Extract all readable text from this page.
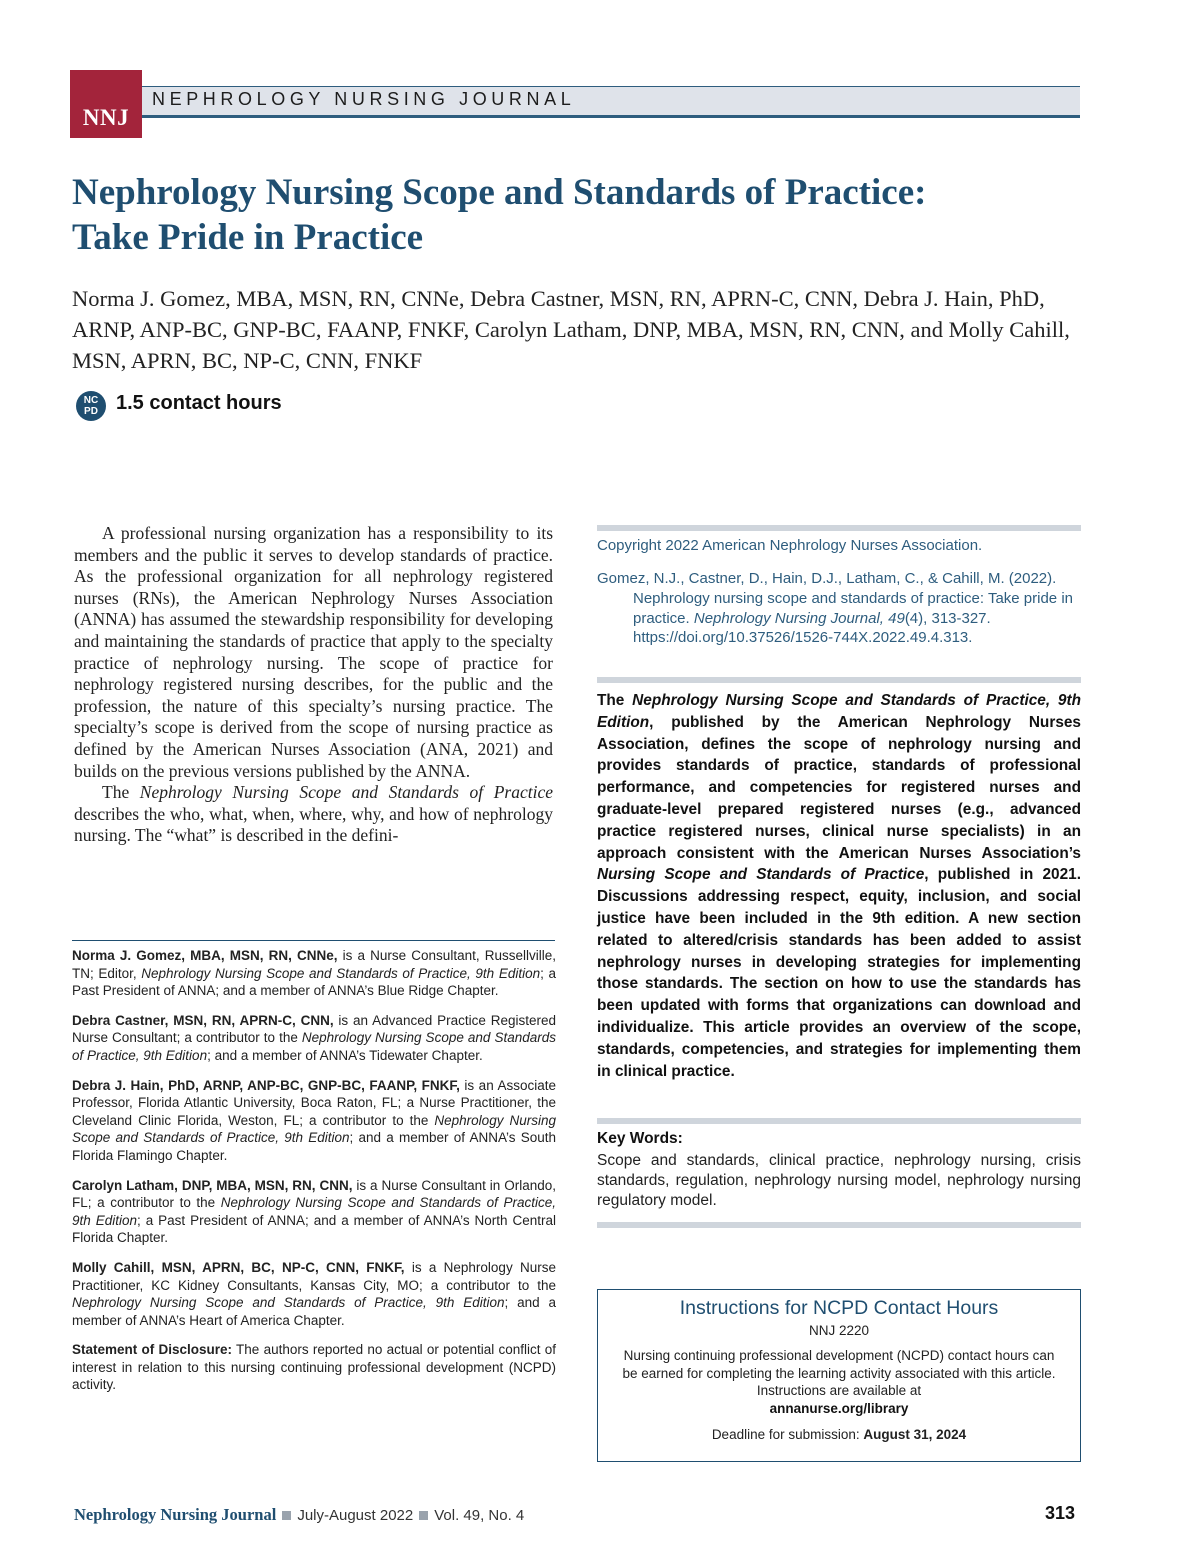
NNJ
NEPHROLOGY NURSING JOURNAL
Nephrology Nursing Scope and Standards of Practice:
Take Pride in Practice

Norma J. Gomez, MBA, MSN, RN, CNNe, Debra Castner, MSN, RN, APRN-C, CNN, Debra J. Hain, PhD, ARNP, ANP-BC, GNP-BC, FAANP, FNKF, Carolyn Latham, DNP, MBA, MSN, RN, CNN, and Molly Cahill, MSN, APRN, BC, NP-C, CNN, FNKF

NC
PD 1.5 contact hours

A professional nursing organization has a responsibility to its members and the public it serves to develop standards of practice. As the professional organization for all nephrology registered nurses (RNs), the American Nephrology Nurses Association (ANNA) has assumed the stewardship responsibility for developing and maintaining the standards of practice that apply to the specialty practice of nephrology nursing. The scope of practice for nephrology registered nursing describes, for the public and the profession, the nature of this specialty’s nursing practice. The specialty’s scope is derived from the scope of nursing practice as defined by the American Nurses Association (ANA, 2021) and builds on the previous versions published by the ANNA.

The Nephrology Nursing Scope and Standards of Practice describes the who, what, when, where, why, and how of nephrology nursing. The “what” is described in the defini-

Norma J. Gomez, MBA, MSN, RN, CNNe, is a Nurse Consultant, Russellville, TN; Editor, Nephrology Nursing Scope and Standards of Practice, 9th Edition; a Past President of ANNA; and a member of ANNA’s Blue Ridge Chapter.

Debra Castner, MSN, RN, APRN-C, CNN, is an Advanced Practice Registered Nurse Consultant; a contributor to the Nephrology Nursing Scope and Standards of Practice, 9th Edition; and a member of ANNA’s Tidewater Chapter.

Debra J. Hain, PhD, ARNP, ANP-BC, GNP-BC, FAANP, FNKF, is an Associate Professor, Florida Atlantic University, Boca Raton, FL; a Nurse Practitioner, the Cleveland Clinic Florida, Weston, FL; a contributor to the Nephrology Nursing Scope and Standards of Practice, 9th Edition; and a member of ANNA’s South Florida Flamingo Chapter.

Carolyn Latham, DNP, MBA, MSN, RN, CNN, is a Nurse Consultant in Orlando, FL; a contributor to the Nephrology Nursing Scope and Standards of Practice, 9th Edition; a Past President of ANNA; and a member of ANNA’s North Central Florida Chapter.

Molly Cahill, MSN, APRN, BC, NP-C, CNN, FNKF, is a Nephrology Nurse Practitioner, KC Kidney Consultants, Kansas City, MO; a contributor to the Nephrology Nursing Scope and Standards of Practice, 9th Edition; and a member of ANNA’s Heart of America Chapter.

Statement of Disclosure: The authors reported no actual or potential conflict of interest in relation to this nursing continuing professional development (NCPD) activity.

Copyright 2022 American Nephrology Nurses Association.

Gomez, N.J., Castner, D., Hain, D.J., Latham, C., & Cahill, M. (2022). Nephrology nursing scope and standards of practice: Take pride in practice. Nephrology Nursing Journal, 49(4), 313-327. https://doi.org/10.37526/1526-744X.2022.49.4.313.

The Nephrology Nursing Scope and Standards of Practice, 9th Edition, published by the American Nephrology Nurses Association, defines the scope of nephrology nursing and provides standards of practice, standards of professional performance, and competencies for registered nurses and graduate-level prepared registered nurses (e.g., advanced practice registered nurses, clinical nurse specialists) in an approach consistent with the American Nurses Association’s Nursing Scope and Standards of Practice, published in 2021. Discussions addressing respect, equity, inclusion, and social justice have been included in the 9th edition. A new section related to altered/crisis standards has been added to assist nephrology nurses in developing strategies for implementing those standards. The section on how to use the standards has been updated with forms that organizations can download and individualize. This article provides an overview of the scope, standards, competencies, and strategies for implementing them in clinical practice.

Key Words:
Scope and standards, clinical practice, nephrology nursing, crisis standards, regulation, nephrology nursing model, nephrology nursing regulatory model.
Instructions for NCPD Contact Hours
NNJ 2220
Nursing continuing professional development (NCPD) contact hours can be earned for completing the learning activity associated with this article. Instructions are available at
annanurse.org/library
Deadline for submission: August 31, 2024
Nephrology Nursing Journal July-August 2022 Vol. 49, No. 4	313
